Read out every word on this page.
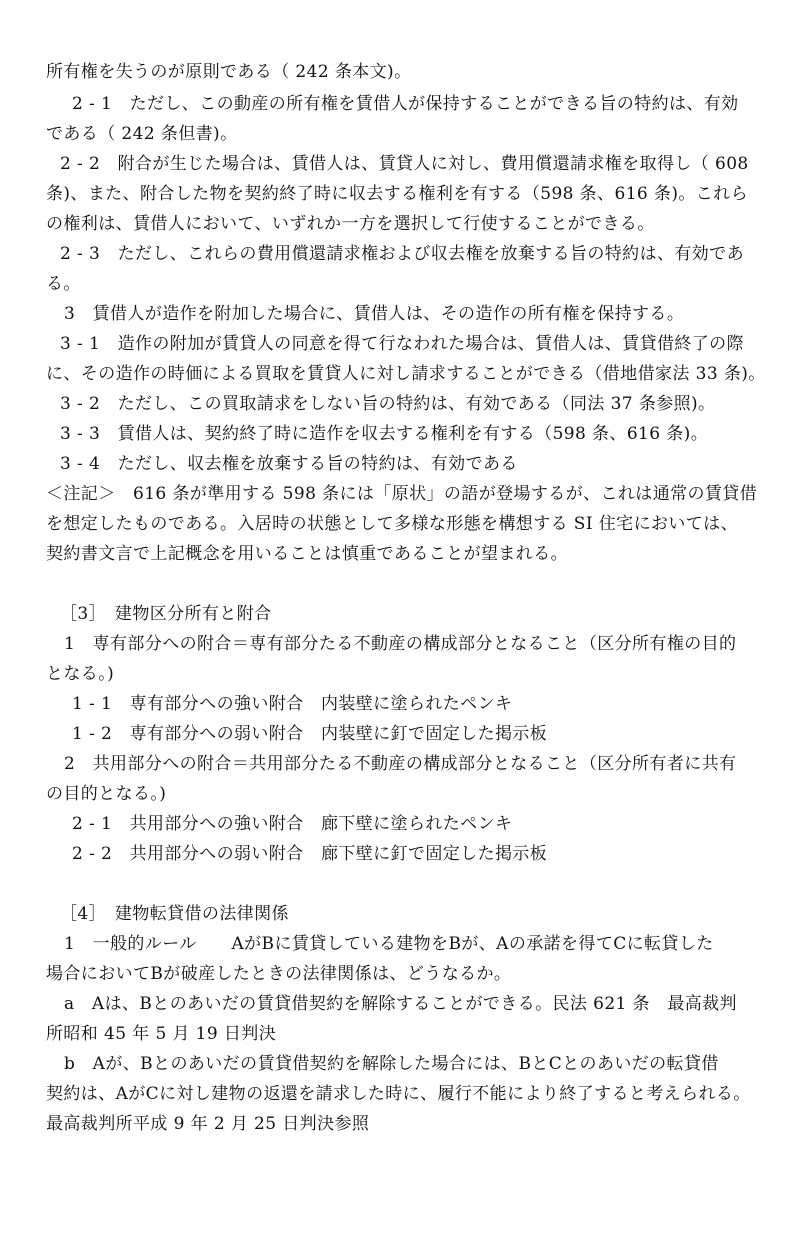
所有権を失うのが原則である（ 242 条本文)。
2 - 1　ただし、この動産の所有権を賃借人が保持することができる旨の特約は、有効
である（ 242 条但書)。
2 - 2　附合が生じた場合は、賃借人は、賃貸人に対し、費用償還請求権を取得し（ 608
条)、また、附合した物を契約終了時に収去する権利を有する（598 条、616 条)。これら
の権利は、賃借人において、いずれか一方を選択して行使することができる。
2 - 3　ただし、これらの費用償還請求権および収去権を放棄する旨の特約は、有効であ
る。
3　賃借人が造作を附加した場合に、賃借人は、その造作の所有権を保持する。
3 - 1　造作の附加が賃貸人の同意を得て行なわれた場合は、賃借人は、賃貸借終了の際
に、その造作の時価による買取を賃貸人に対し請求することができる（借地借家法 33 条)。
3 - 2　ただし、この買取請求をしない旨の特約は、有効である（同法 37 条参照)。
3 - 3　賃借人は、契約終了時に造作を収去する権利を有する（598 条、616 条)。
3 - 4　ただし、収去権を放棄する旨の特約は、有効である
＜注記＞　616 条が準用する 598 条には「原状」の語が登場するが、これは通常の賃貸借
を想定したものである。入居時の状態として多様な形態を構想する SI 住宅においては、
契約書文言で上記概念を用いることは慎重であることが望まれる。
［3］　建物区分所有と附合
1　専有部分への附合＝専有部分たる不動産の構成部分となること（区分所有権の目的
となる。)
1 - 1　専有部分への強い附合　内装壁に塗られたペンキ
1 - 2　専有部分への弱い附合　内装壁に釘で固定した掲示板
2　共用部分への附合＝共用部分たる不動産の構成部分となること（区分所有者に共有
の目的となる。)
2 - 1　共用部分への強い附合　廊下壁に塗られたペンキ
2 - 2　共用部分への弱い附合　廊下壁に釘で固定した掲示板
［4］　建物転貸借の法律関係
1　一般的ルール　　AがBに賃貸している建物をBが、Aの承諾を得てCに転貸した
場合においてBが破産したときの法律関係は、どうなるか。
a　Aは、Bとのあいだの賃貸借契約を解除することができる。民法 621 条　最高裁判
所昭和 45 年 5 月 19 日判決
b　Aが、Bとのあいだの賃貸借契約を解除した場合には、BとCとのあいだの転貸借
契約は、AがCに対し建物の返還を請求した時に、履行不能により終了すると考えられる。
最高裁判所平成 9 年 2 月 25 日判決参照
